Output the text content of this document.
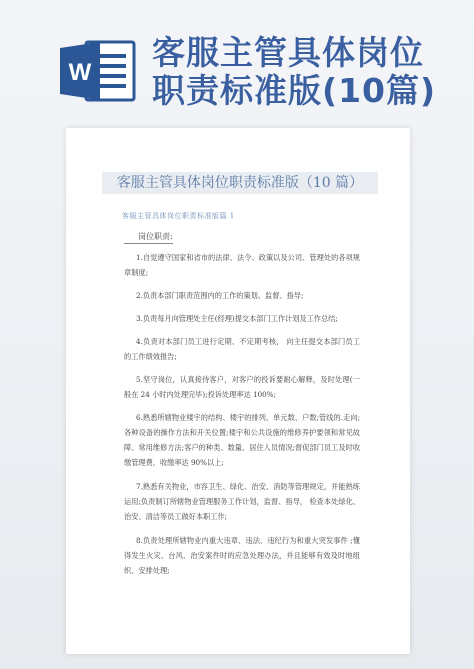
W
客服主管具体岗位
职责标准版(10篇)
客服主管具体岗位职责标准版（10 篇）
客服主管具体岗位职责标准版篇 1
岗位职责:

1.自觉遵守国家和省市的法律、法令、政策以及公司、管理处的各项规章制度;

2.负责本部门职责范围内的工作的策划、监督、指导;

3.负责每月向管理处主任(经理)提交本部门工作计划及工作总结;

4.负责对本部门员工进行定期、不定期考核， 向主任提交本部门员工的工作绩效报告;

5.坚守岗位，认真接待客户，对客户的投诉要耐心解释，及时处理(一般在 24 小时内处理完毕);投诉处理率达 100%;

6.熟悉所辖物业楼宇的结构、楼宇的排列、单元数、户数;管线的.走向;各种设备的操作方法和开关位置;楼宇和公共设施的维修养护要领和常见故障、常用维修方法;客户的种类、数量、居住人员情况;督促部门员工及时收缴管理费，收缴率达 90%以上;

7.熟悉有关物业，市容卫生、绿化、治安、消防等管理规定，并能熟练运用;负责制订所辖物业管理服务工作计划，监督、指导， 检查本处绿化、治安、清洁等员工做好本职工作;

8.负责处理所辖物业内重大违章、违法、违纪行为和重大突发事件 ;懂得发生火灾、台风、治安案件时的应急处理办法，并且能够有效及时地组织、安排处理;
